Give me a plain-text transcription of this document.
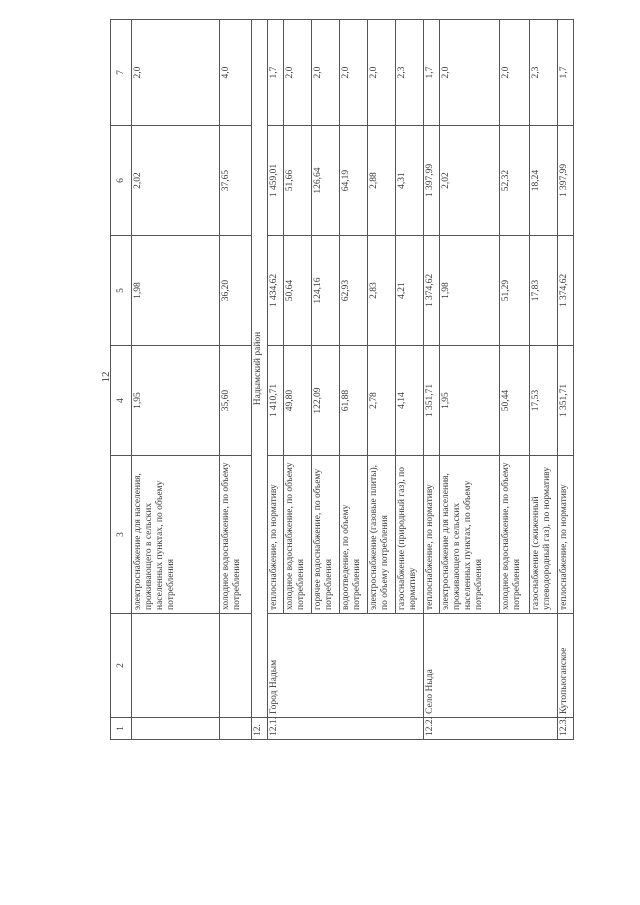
12
1	2	3	4	5	6	7
		электроснабжение для населения, проживающего в сельских населенных пунктах, по объему потребления	1,95	1,98	2,02	2,0
		холодное водоснабжение, по объему потребления	35,60	36,20	37,65	4,0
12.	Надымский район					
12.1.	Город Надым	теплоснабжение, по нормативу	1 410,71	1 434,62	1 459,01	1,7
		холодное водоснабжение, по объему потребления	49,80	50,64	51,66	2,0
		горячее водоснабжение, по объему потребления	122,09	124,16	126,64	2,0
		водоотведение, по объему потребления	61,88	62,93	64,19	2,0
		электроснабжение (газовые плиты), по объему потребления	2,78	2,83	2,88	2,0
		газоснабжение (природный газ), по нормативу	4,14	4,21	4,31	2,3
12.2.	Село Ныда	теплоснабжение, по нормативу	1 351,71	1 374,62	1 397,99	1,7
		электроснабжение для населения, проживающего в сельских населенных пунктах, по объему потребления	1,95	1,98	2,02	2,0
		холодное водоснабжение, по объему потребления	50,44	51,29	52,32	2,0
		газоснабжение (сжиженный углеводородный газ), по нормативу	17,53	17,83	18,24	2,3
12.3.	Кутопьюганское	теплоснабжение, по нормативу	1 351,71	1 374,62	1 397,99	1,7
